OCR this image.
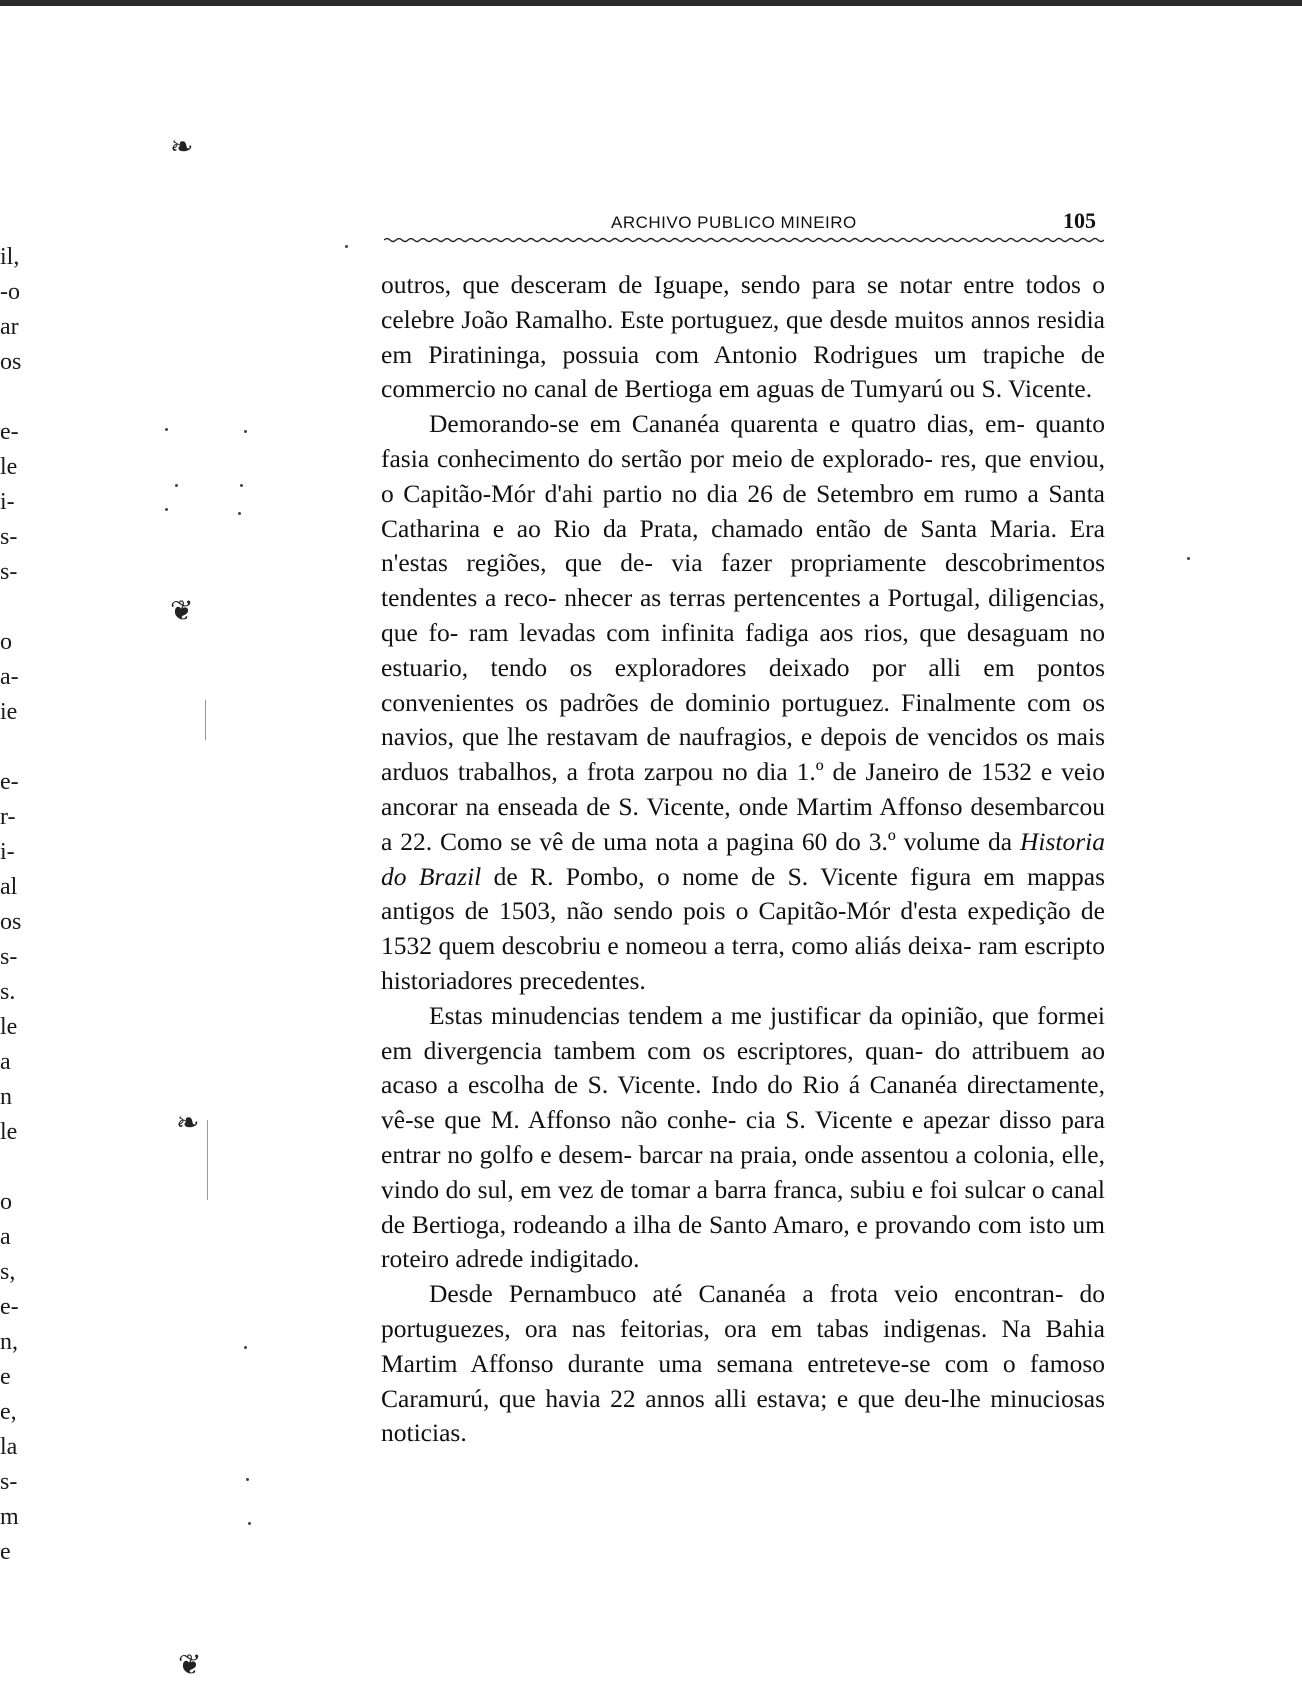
il,
-o
ar
os
e-
le
i-
s-
s-
o
a-
ie
e-
r-
i-
al
os
s-
s.
le
a
n
le
o
a
s,
e-
n,
e
e,
la
s-
m
e
❧
❦
❧
❦
ARCHIVO PUBLICO MINEIRO	105

outros, que desceram de Iguape, sendo para se notar entre todos o celebre João Ramalho. Este portuguez, que desde muitos annos residia em Piratininga, possuia com Antonio Rodrigues um trapiche de commercio no canal de Bertioga em aguas de Tumyarú ou S. Vicente.

Demorando-se em Cananéa quarenta e quatro dias, em- quanto fasia conhecimento do sertão por meio de explorado- res, que enviou, o Capitão-Mór d'ahi partio no dia 26 de Setembro em rumo a Santa Catharina e ao Rio da Prata, chamado então de Santa Maria. Era n'estas regiões, que de- via fazer propriamente descobrimentos tendentes a reco- nhecer as terras pertencentes a Portugal, diligencias, que fo- ram levadas com infinita fadiga aos rios, que desaguam no estuario, tendo os exploradores deixado por alli em pontos convenientes os padrões de dominio portuguez. Finalmente com os navios, que lhe restavam de naufragios, e depois de vencidos os mais arduos trabalhos, a frota zarpou no dia 1.º de Janeiro de 1532 e veio ancorar na enseada de S. Vicente, onde Martim Affonso desembarcou a 22. Como se vê de uma nota a pagina 60 do 3.º volume da Historia do Brazil de R. Pombo, o nome de S. Vicente figura em mappas antigos de 1503, não sendo pois o Capitão-Mór d'esta expedição de 1532 quem descobriu e nomeou a terra, como aliás deixa- ram escripto historiadores precedentes.

Estas minudencias tendem a me justificar da opinião, que formei em divergencia tambem com os escriptores, quan- do attribuem ao acaso a escolha de S. Vicente. Indo do Rio á Cananéa directamente, vê-se que M. Affonso não conhe- cia S. Vicente e apezar disso para entrar no golfo e desem- barcar na praia, onde assentou a colonia, elle, vindo do sul, em vez de tomar a barra franca, subiu e foi sulcar o canal de Bertioga, rodeando a ilha de Santo Amaro, e provando com isto um roteiro adrede indigitado.

Desde Pernambuco até Cananéa a frota veio encontran- do portuguezes, ora nas feitorias, ora em tabas indigenas. Na Bahia Martim Affonso durante uma semana entreteve-se com o famoso Caramurú, que havia 22 annos alli estava; e que deu-lhe minuciosas noticias.
